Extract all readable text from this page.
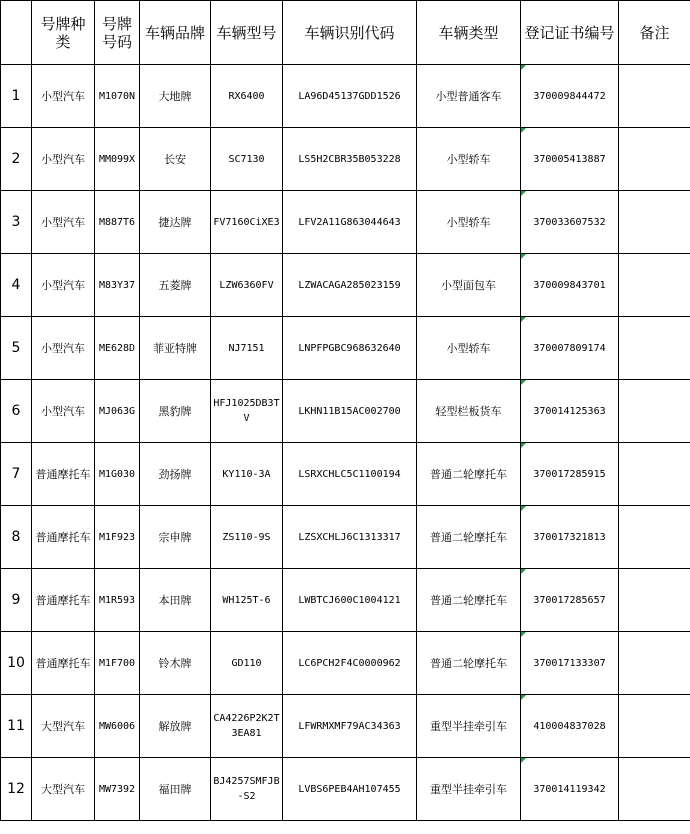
	号牌种类	号牌号码	车辆品牌	车辆型号	车辆识别代码	车辆类型	登记证书编号	备注
1	小型汽车	M1070N	大地牌	RX6400	LA96D45137GDD1526	小型普通客车	370009844472	
2	小型汽车	MM099X	长安	SC7130	LS5H2CBR35B053228	小型轿车	370005413887	
3	小型汽车	M887T6	捷达牌	FV7160CiXE3	LFV2A11G863044643	小型轿车	370033607532	
4	小型汽车	M83Y37	五菱牌	LZW6360FV	LZWACAGA285023159	小型面包车	370009843701	
5	小型汽车	ME628D	菲亚特牌	NJ7151	LNPFPGBC968632640	小型轿车	370007809174	
6	小型汽车	MJ063G	黑豹牌	HFJ1025DB3TV	LKHN11B15AC002700	轻型栏板货车	370014125363	
7	普通摩托车	M1G030	劲扬牌	KY110-3A	LSRXCHLC5C1100194	普通二轮摩托车	370017285915	
8	普通摩托车	M1F923	宗申牌	ZS110-9S	LZSXCHLJ6C1313317	普通二轮摩托车	370017321813	
9	普通摩托车	M1R593	本田牌	WH125T-6	LWBTCJ600C1004121	普通二轮摩托车	370017285657	
10	普通摩托车	M1F700	铃木牌	GD110	LC6PCH2F4C0000962	普通二轮摩托车	370017133307	
11	大型汽车	MW6006	解放牌	CA4226P2K2T3EA81	LFWRMXMF79AC34363	重型半挂牵引车	410004837028	
12	大型汽车	MW7392	福田牌	BJ4257SMFJB-S2	LVBS6PEB4AH107455	重型半挂牵引车	370014119342	
